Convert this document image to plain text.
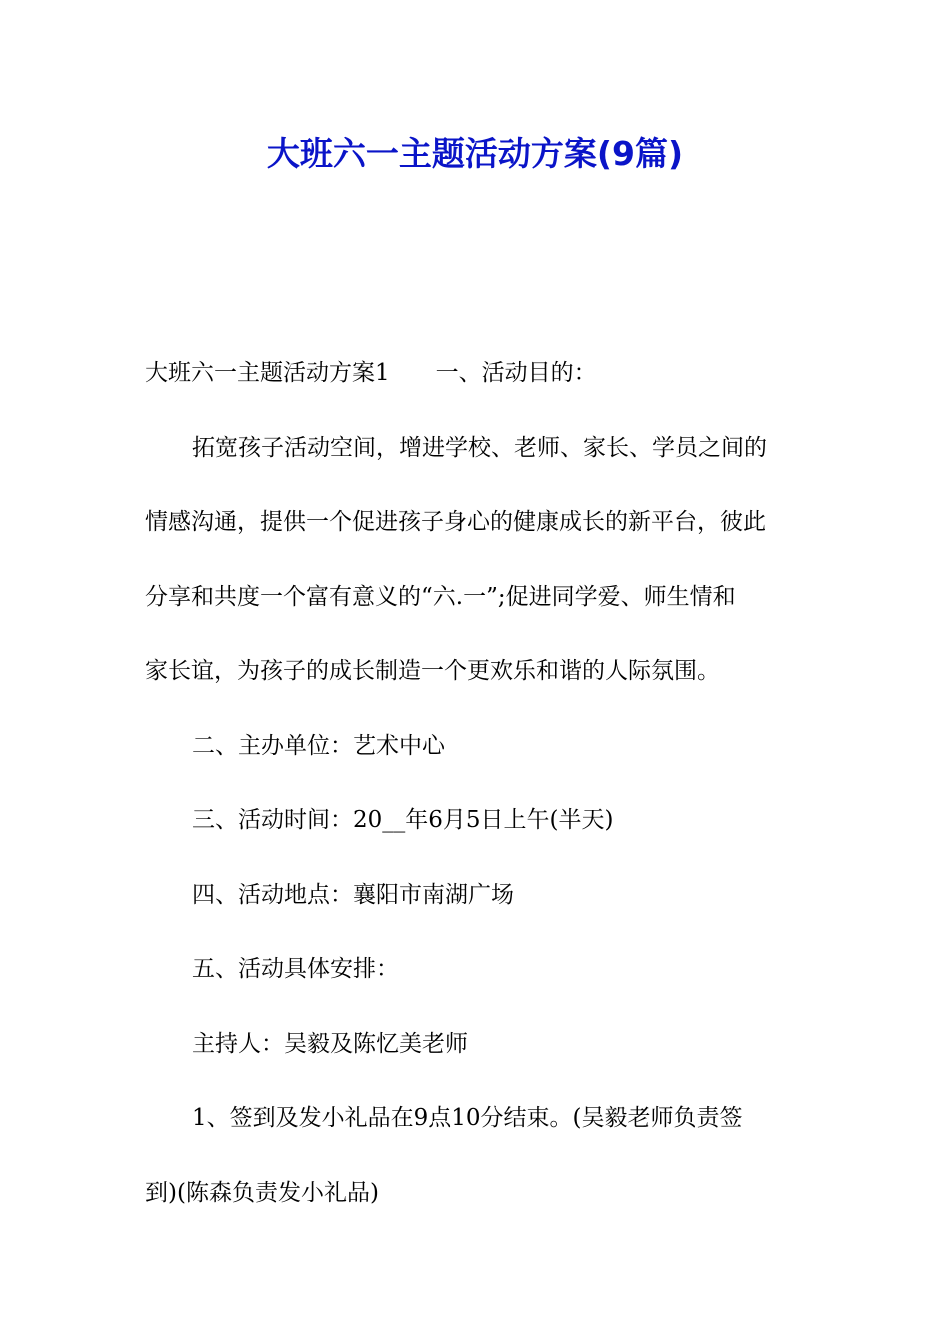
大班六一主题活动方案(9篇)
大班六一主题活动方案1 一、活动目的：
拓宽孩子活动空间，增进学校、老师、家长、学员之间的
情感沟通，提供一个促进孩子身心的健康成长的新平台，彼此
分享和共度一个富有意义的“六.一”;促进同学爱、师生情和
家长谊，为孩子的成长制造一个更欢乐和谐的人际氛围。
二、主办单位：艺术中心
三、活动时间：20__年6月5日上午(半天)
四、活动地点：襄阳市南湖广场
五、活动具体安排：
主持人：吴毅及陈忆美老师
1、签到及发小礼品在9点10分结束。(吴毅老师负责签
到)(陈森负责发小礼品)
